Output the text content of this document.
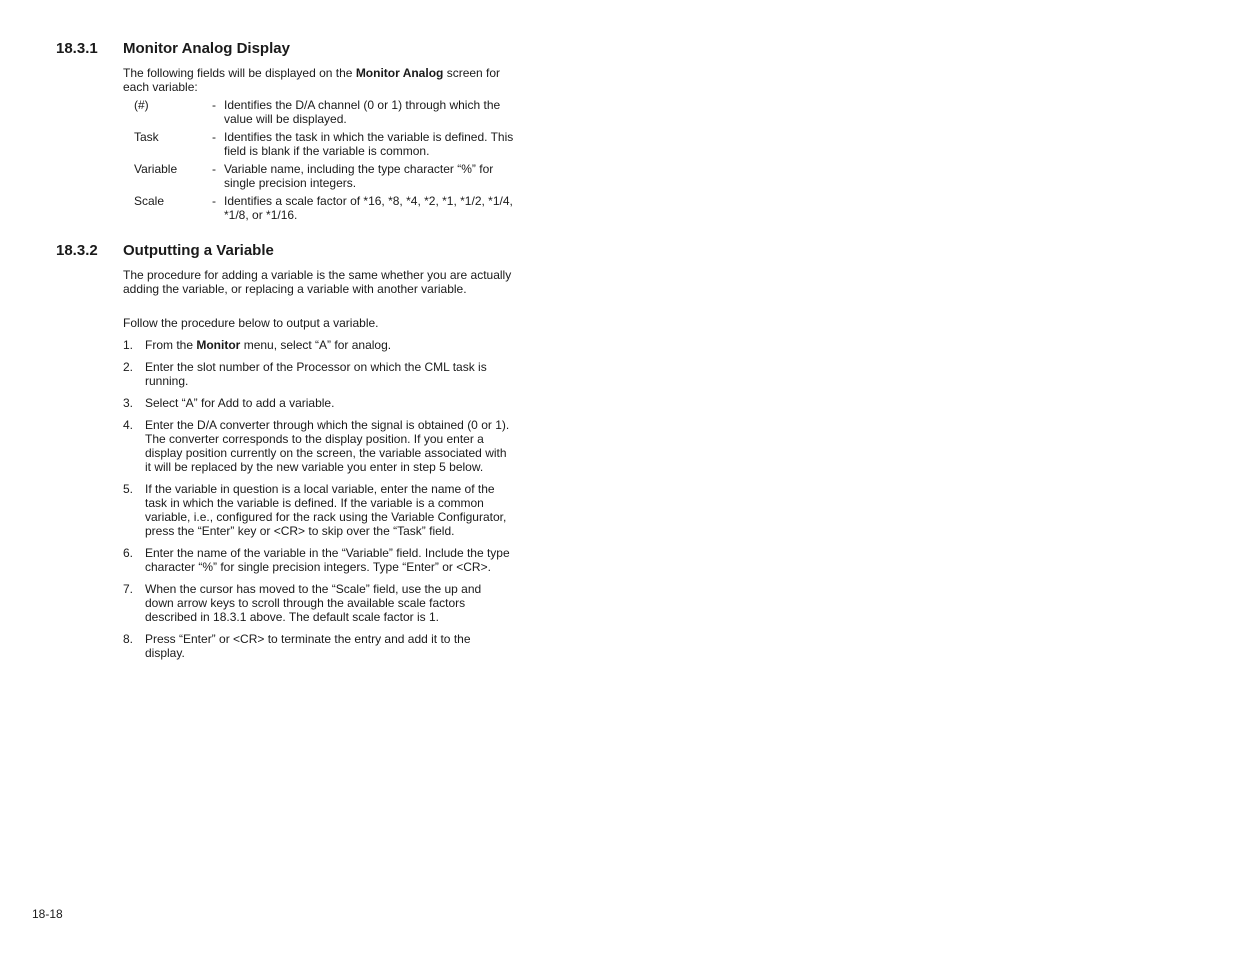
18.3.1 Monitor Analog Display

The following fields will be displayed on the Monitor Analog screen for each variable:

(#)	- Identifies the D/A channel (0 or 1) through which the value will be displayed.
Task	- Identifies the task in which the variable is defined. This field is blank if the variable is common.
Variable	- Variable name, including the type character “%” for single precision integers.
Scale	- Identifies a scale factor of *16, *8, *4, *2, *1, *1/2, *1/4, *1/8, or *1/16.
18.3.2 Outputting a Variable

The procedure for adding a variable is the same whether you are actually adding the variable, or replacing a variable with another variable.

Follow the procedure below to output a variable.

1. From the Monitor menu, select “A” for analog.
2. Enter the slot number of the Processor on which the CML task is running.
3. Select “A” for Add to add a variable.
4. Enter the D/A converter through which the signal is obtained (0 or 1). The converter corresponds to the display position. If you enter a display position currently on the screen, the variable associated with it will be replaced by the new variable you enter in step 5 below.
5. If the variable in question is a local variable, enter the name of the task in which the variable is defined. If the variable is a common variable, i.e., configured for the rack using the Variable Configurator, press the “Enter” key or <CR> to skip over the “Task” field.
6. Enter the name of the variable in the “Variable” field. Include the type character “%” for single precision integers. Type “Enter” or <CR>.
7. When the cursor has moved to the “Scale” field, use the up and down arrow keys to scroll through the available scale factors described in 18.3.1 above. The default scale factor is 1.
8. Press “Enter” or <CR> to terminate the entry and add it to the display.
18-18
